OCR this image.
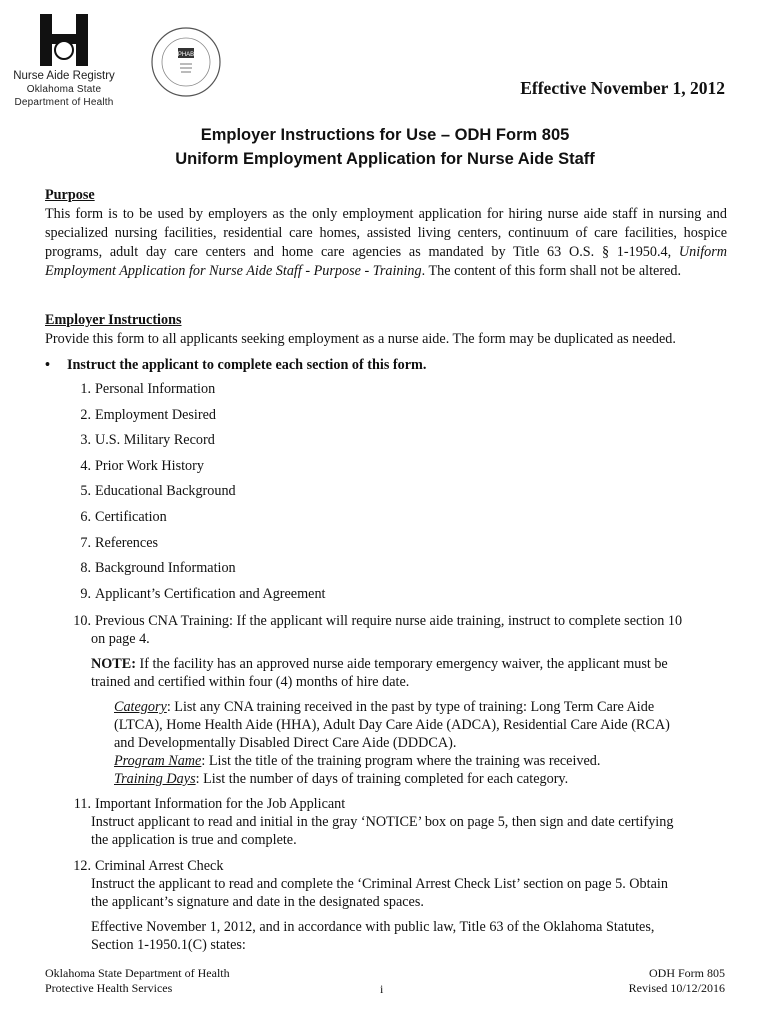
Nurse Aide Registry
Oklahoma State
Department of Health
PHAB
Effective November 1, 2012
Employer Instructions for Use – ODH Form 805
Uniform Employment Application for Nurse Aide Staff
Purpose
This form is to be used by employers as the only employment application for hiring nurse aide staff in nursing and specialized nursing facilities, residential care homes, assisted living centers, continuum of care facilities, hospice programs, adult day care centers and home care agencies as mandated by Title 63 O.S. § 1-1950.4, Uniform Employment Application for Nurse Aide Staff - Purpose - Training. The content of this form shall not be altered.
Employer Instructions
Provide this form to all applicants seeking employment as a nurse aide. The form may be duplicated as needed.
• Instruct the applicant to complete each section of this form.
1. Personal Information
2. Employment Desired
3. U.S. Military Record
4. Prior Work History
5. Educational Background
6. Certification
7. References
8. Background Information
9. Applicant’s Certification and Agreement
10. Previous CNA Training: If the applicant will require nurse aide training, instruct to complete section 10
on page 4.
NOTE: If the facility has an approved nurse aide temporary emergency waiver, the applicant must be
trained and certified within four (4) months of hire date.
Category: List any CNA training received in the past by type of training: Long Term Care Aide
(LTCA), Home Health Aide (HHA), Adult Day Care Aide (ADCA), Residential Care Aide (RCA)
and Developmentally Disabled Direct Care Aide (DDDCA).
Program Name: List the title of the training program where the training was received.
Training Days: List the number of days of training completed for each category.
11. Important Information for the Job Applicant
Instruct applicant to read and initial in the gray ‘NOTICE’ box on page 5, then sign and date certifying
the application is true and complete.
12. Criminal Arrest Check
Instruct the applicant to read and complete the ‘Criminal Arrest Check List’ section on page 5. Obtain
the applicant’s signature and date in the designated spaces.
Effective November 1, 2012, and in accordance with public law, Title 63 of the Oklahoma Statutes,
Section 1-1950.1(C) states:
Oklahoma State Department of Health
Protective Health Services	i
ODH Form 805
Revised 10/12/2016
